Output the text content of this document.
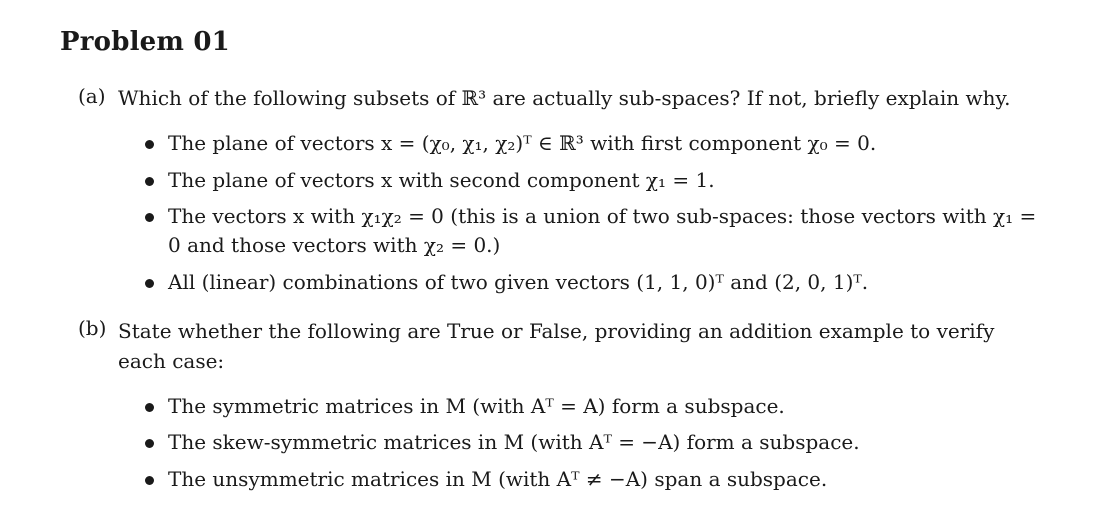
Problem 01
(a) Which of the following subsets of ℝ³ are actually sub-spaces? If not, briefly explain why.
The plane of vectors x = (χ₀, χ₁, χ₂)ᵀ ∈ ℝ³ with first component χ₀ = 0.
The plane of vectors x with second component χ₁ = 1.
The vectors x with χ₁χ₂ = 0 (this is a union of two sub-spaces: those vectors with χ₁ = 0 and those vectors with χ₂ = 0.)
All (linear) combinations of two given vectors (1, 1, 0)ᵀ and (2, 0, 1)ᵀ.
(b) State whether the following are True or False, providing an addition example to verify each case:
The symmetric matrices in M (with Aᵀ = A) form a subspace.
The skew-symmetric matrices in M (with Aᵀ = −A) form a subspace.
The unsymmetric matrices in M (with Aᵀ ≠ −A) span a subspace.
